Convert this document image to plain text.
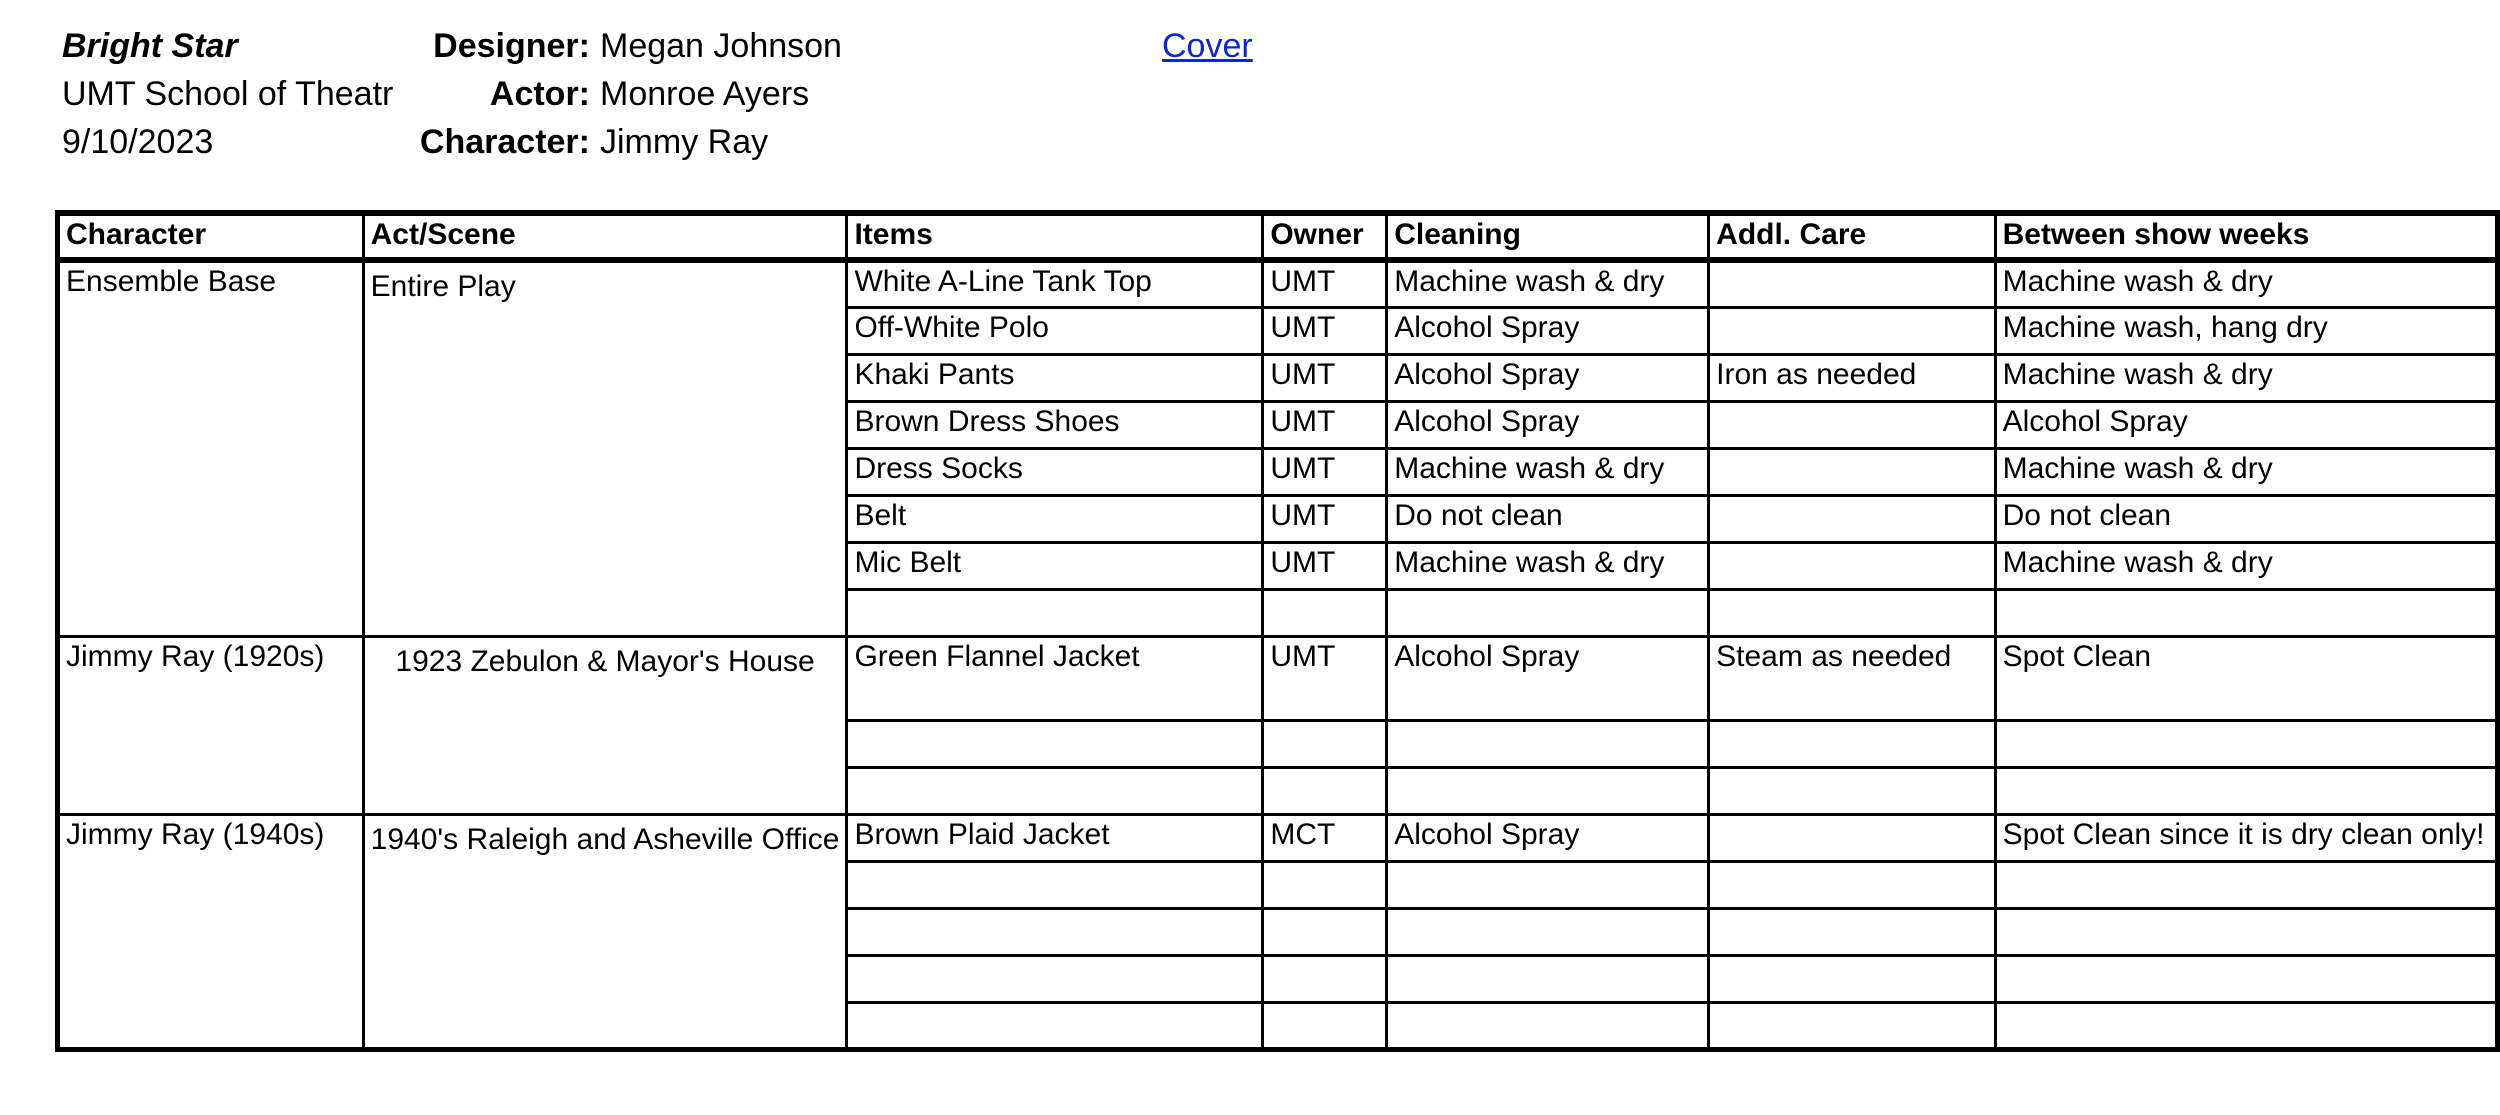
Bright Star
UMT School of Theatr
9/10/2023
Designer: Megan Johnson
Actor: Monroe Ayers
Character: Jimmy Ray
Cover
Character	Act/Scene	Items	Owner	Cleaning	Addl. Care	Between show weeks
Ensemble Base	Entire Play	White A-Line Tank Top	UMT	Machine wash & dry		Machine wash & dry
		Off-White Polo	UMT	Alcohol Spray		Machine wash, hang dry
		Khaki Pants	UMT	Alcohol Spray	Iron as needed	Machine wash & dry
		Brown Dress Shoes	UMT	Alcohol Spray		Alcohol Spray
		Dress Socks	UMT	Machine wash & dry		Machine wash & dry
		Belt	UMT	Do not clean		Do not clean
		Mic Belt	UMT	Machine wash & dry		Machine wash & dry

Jimmy Ray (1920s)	1923 Zebulon & Mayor's House	Green Flannel Jacket	UMT	Alcohol Spray	Steam as needed	Spot Clean

Jimmy Ray (1940s)	1940's Raleigh and Asheville Office	Brown Plaid Jacket	MCT	Alcohol Spray		Spot Clean since it is dry clean only!
